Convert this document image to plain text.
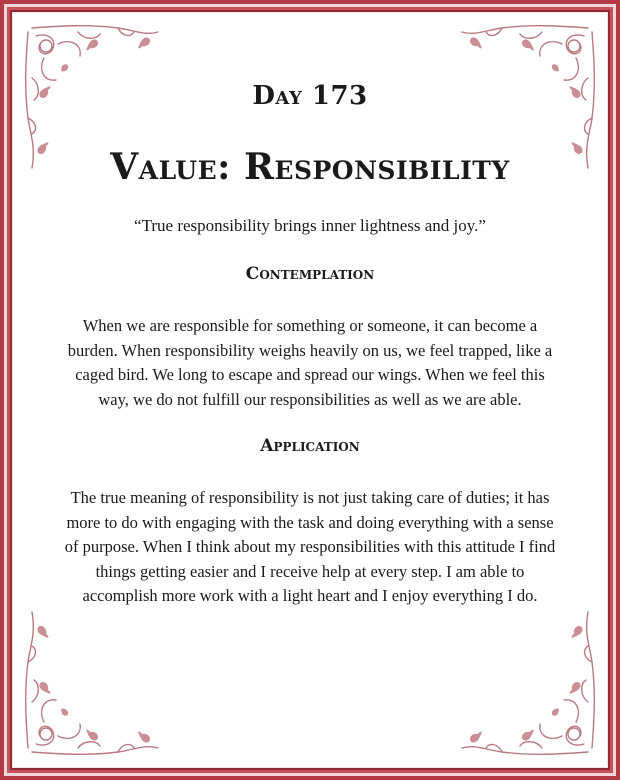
Day 173
Value: Responsibility

“True responsibility brings inner lightness and joy.”

Contemplation

When we are responsible for something or someone, it can become a burden. When responsibility weighs heavily on us, we feel trapped, like a caged bird. We long to escape and spread our wings. When we feel this way, we do not fulfill our responsibilities as well as we are able.

Application

The true meaning of responsibility is not just taking care of duties; it has more to do with engaging with the task and doing everything with a sense of purpose. When I think about my responsibilities with this attitude I find things getting easier and I receive help at every step. I am able to accomplish more work with a light heart and I enjoy everything I do.
